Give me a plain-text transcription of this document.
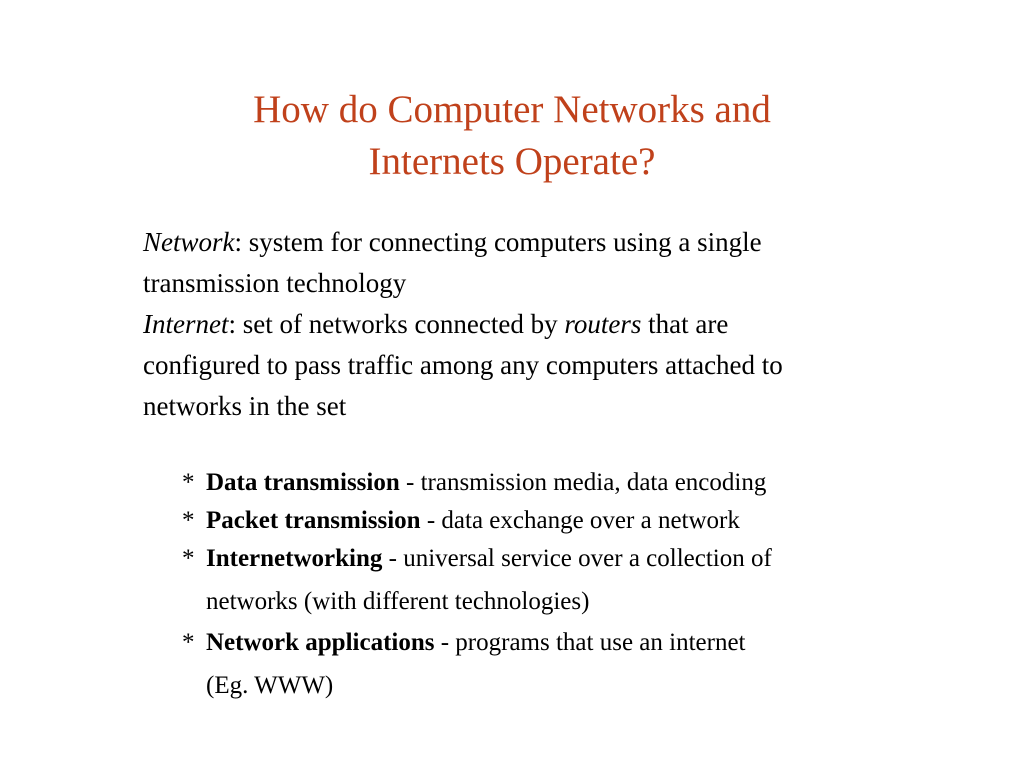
How do Computer Networks and
Internets Operate?
Network: system for connecting computers using a single
transmission technology
Internet: set of networks connected by routers that are
configured to pass traffic among any computers attached to
networks in the set
* Data transmission - transmission media, data encoding
* Packet transmission - data exchange over a network
* Internetworking - universal service over a collection of
networks (with different technologies)
* Network applications - programs that use an internet
(Eg. WWW)
